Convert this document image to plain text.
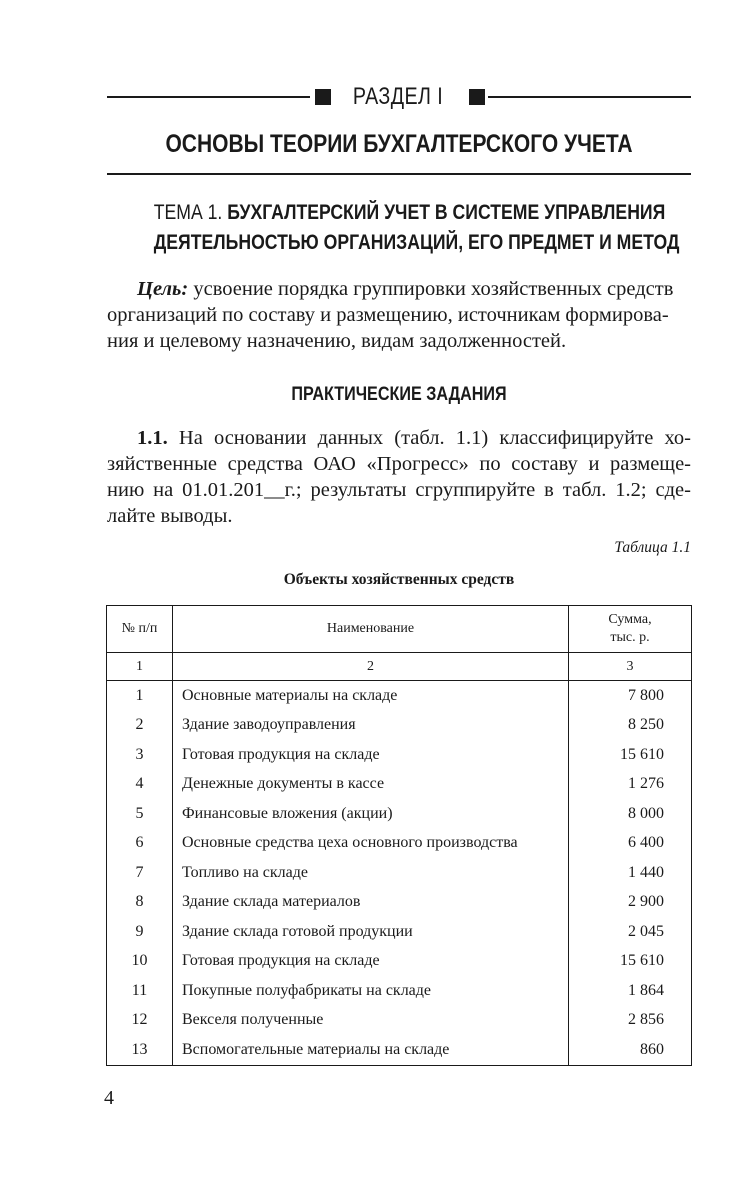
РАЗДЕЛ I
ОСНОВЫ ТЕОРИИ БУХГАЛТЕРСКОГО УЧЕТА
ТЕМА 1. БУХГАЛТЕРСКИЙ УЧЕТ В СИСТЕМЕ УПРАВЛЕНИЯ
ДЕЯТЕЛЬНОСТЬЮ ОРГАНИЗАЦИЙ, ЕГО ПРЕДМЕТ И МЕТОД
Цель: усвоение порядка группировки хозяйственных средств
организаций по составу и размещению, источникам формирова-
ния и целевому назначению, видам задолженностей.
ПРАКТИЧЕСКИЕ ЗАДАНИЯ
1.1. На основании данных (табл. 1.1) классифицируйте хо-
зяйственные средства ОАО «Прогресс» по составу и размеще-
нию на 01.01.201__г.; результаты сгруппируйте в табл. 1.2; сде-
лайте выводы.
Таблица 1.1
Объекты хозяйственных средств
№ п/п	Наименование	Сумма,
тыс. р.
1	2	3
1	Основные материалы на складе	7 800
2	Здание заводоуправления	8 250
3	Готовая продукция на складе	15 610
4	Денежные документы в кассе	1 276
5	Финансовые вложения (акции)	8 000
6	Основные средства цеха основного производства	6 400
7	Топливо на складе	1 440
8	Здание склада материалов	2 900
9	Здание склада готовой продукции	2 045
10	Готовая продукция на складе	15 610
11	Покупные полуфабрикаты на складе	1 864
12	Векселя полученные	2 856
13	Вспомогательные материалы на складе	860
4
